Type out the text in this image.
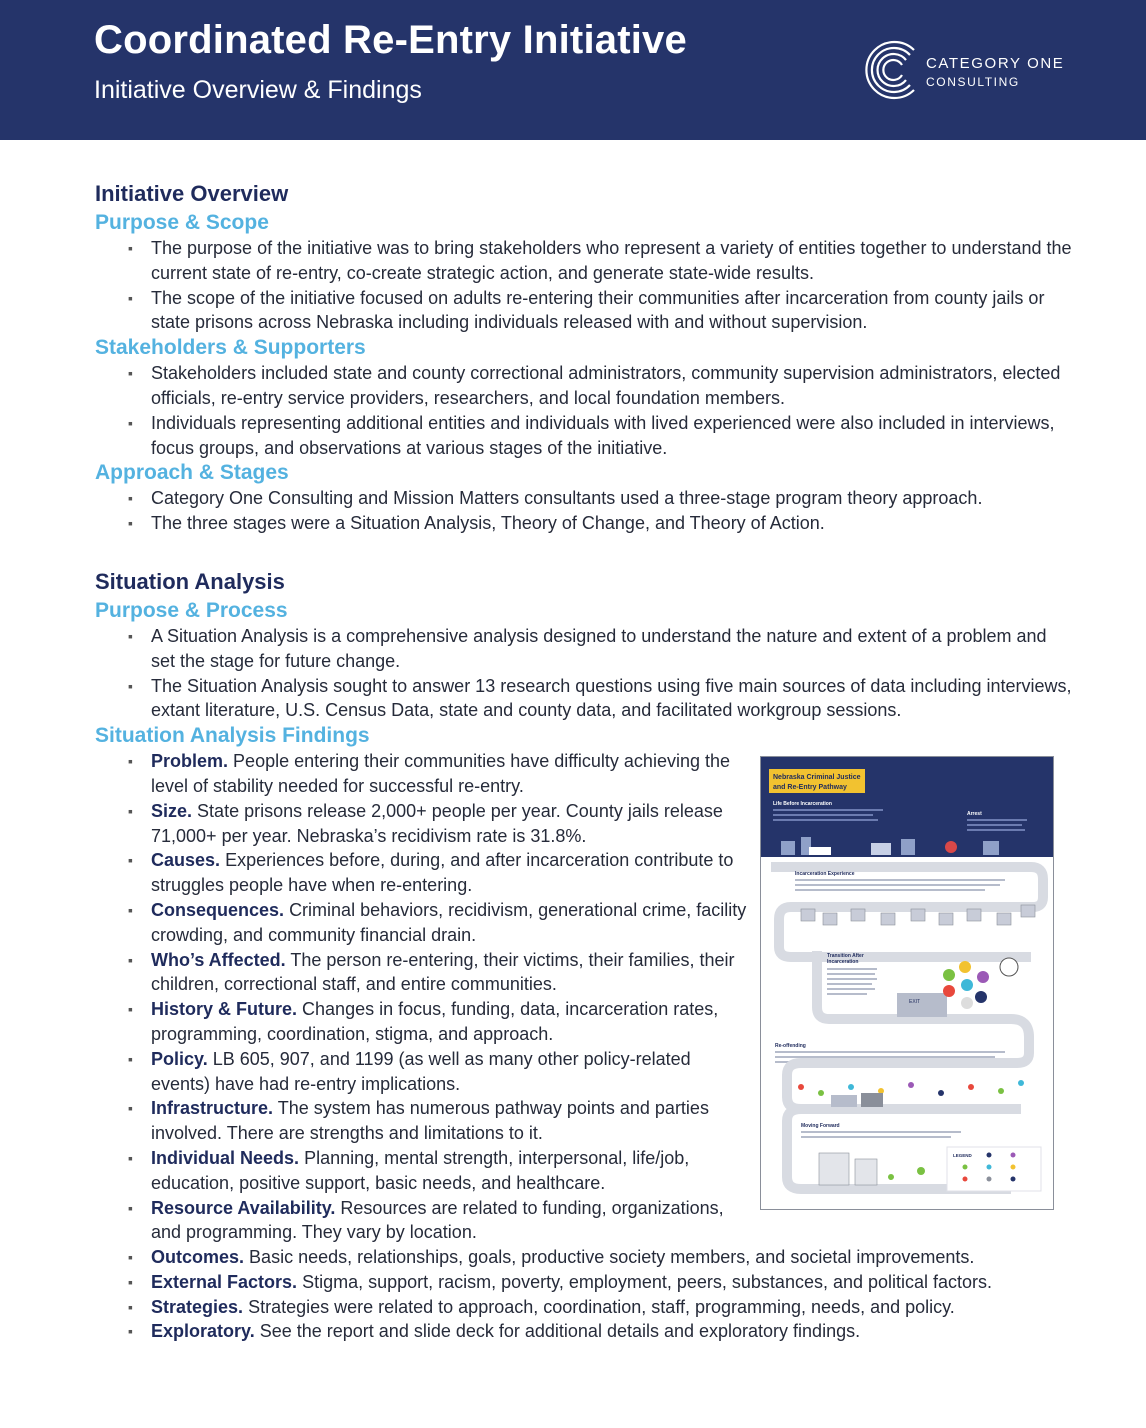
Coordinated Re-Entry Initiative
Initiative Overview & Findings
CATEGORY ONE
CONSULTING
Initiative Overview
Purpose & Scope
▪ The purpose of the initiative was to bring stakeholders who represent a variety of entities together to understand the current state of re-entry, co-create strategic action, and generate state-wide results.
▪ The scope of the initiative focused on adults re-entering their communities after incarceration from county jails or state prisons across Nebraska including individuals released with and without supervision.
Stakeholders & Supporters
▪ Stakeholders included state and county correctional administrators, community supervision administrators, elected officials, re-entry service providers, researchers, and local foundation members.
▪ Individuals representing additional entities and individuals with lived experienced were also included in interviews, focus groups, and observations at various stages of the initiative.
Approach & Stages
▪ Category One Consulting and Mission Matters consultants used a three-stage program theory approach.
▪ The three stages were a Situation Analysis, Theory of Change, and Theory of Action.
Situation Analysis
Purpose & Process
▪ A Situation Analysis is a comprehensive analysis designed to understand the nature and extent of a problem and set the stage for future change.
▪ The Situation Analysis sought to answer 13 research questions using five main sources of data including interviews, extant literature, U.S. Census Data, state and county data, and facilitated workgroup sessions.
Situation Analysis Findings
▪ Problem. People entering their communities have difficulty achieving the level of stability needed for successful re-entry.
▪ Size. State prisons release 2,000+ people per year. County jails release 71,000+ per year. Nebraska’s recidivism rate is 31.8%.
▪ Causes. Experiences before, during, and after incarceration contribute to struggles people have when re-entering.
▪ Consequences. Criminal behaviors, recidivism, generational crime, facility crowding, and community financial drain.
▪ Who’s Affected. The person re-entering, their victims, their families, their children, correctional staff, and entire communities.
▪ History & Future. Changes in focus, funding, data, incarceration rates, programming, coordination, stigma, and approach.
▪ Policy. LB 605, 907, and 1199 (as well as many other policy-related events) have had re-entry implications.
▪ Infrastructure. The system has numerous pathway points and parties involved. There are strengths and limitations to it.
▪ Individual Needs. Planning, mental strength, interpersonal, life/job, education, positive support, basic needs, and healthcare.
▪ Resource Availability. Resources are related to funding, organizations, and programming. They vary by location.
▪ Outcomes. Basic needs, relationships, goals, productive society members, and societal improvements.
▪ External Factors. Stigma, support, racism, poverty, employment, peers, substances, and political factors.
▪ Strategies. Strategies were related to approach, coordination, staff, programming, needs, and policy.
▪ Exploratory. See the report and slide deck for additional details and exploratory findings.
Nebraska Criminal Justice
and Re-Entry Pathway
Life Before Incarceration
Arrest
Incarceration Experience
Transition After
Incarceration
EXIT
Re-offending
Moving Forward
LEGEND
